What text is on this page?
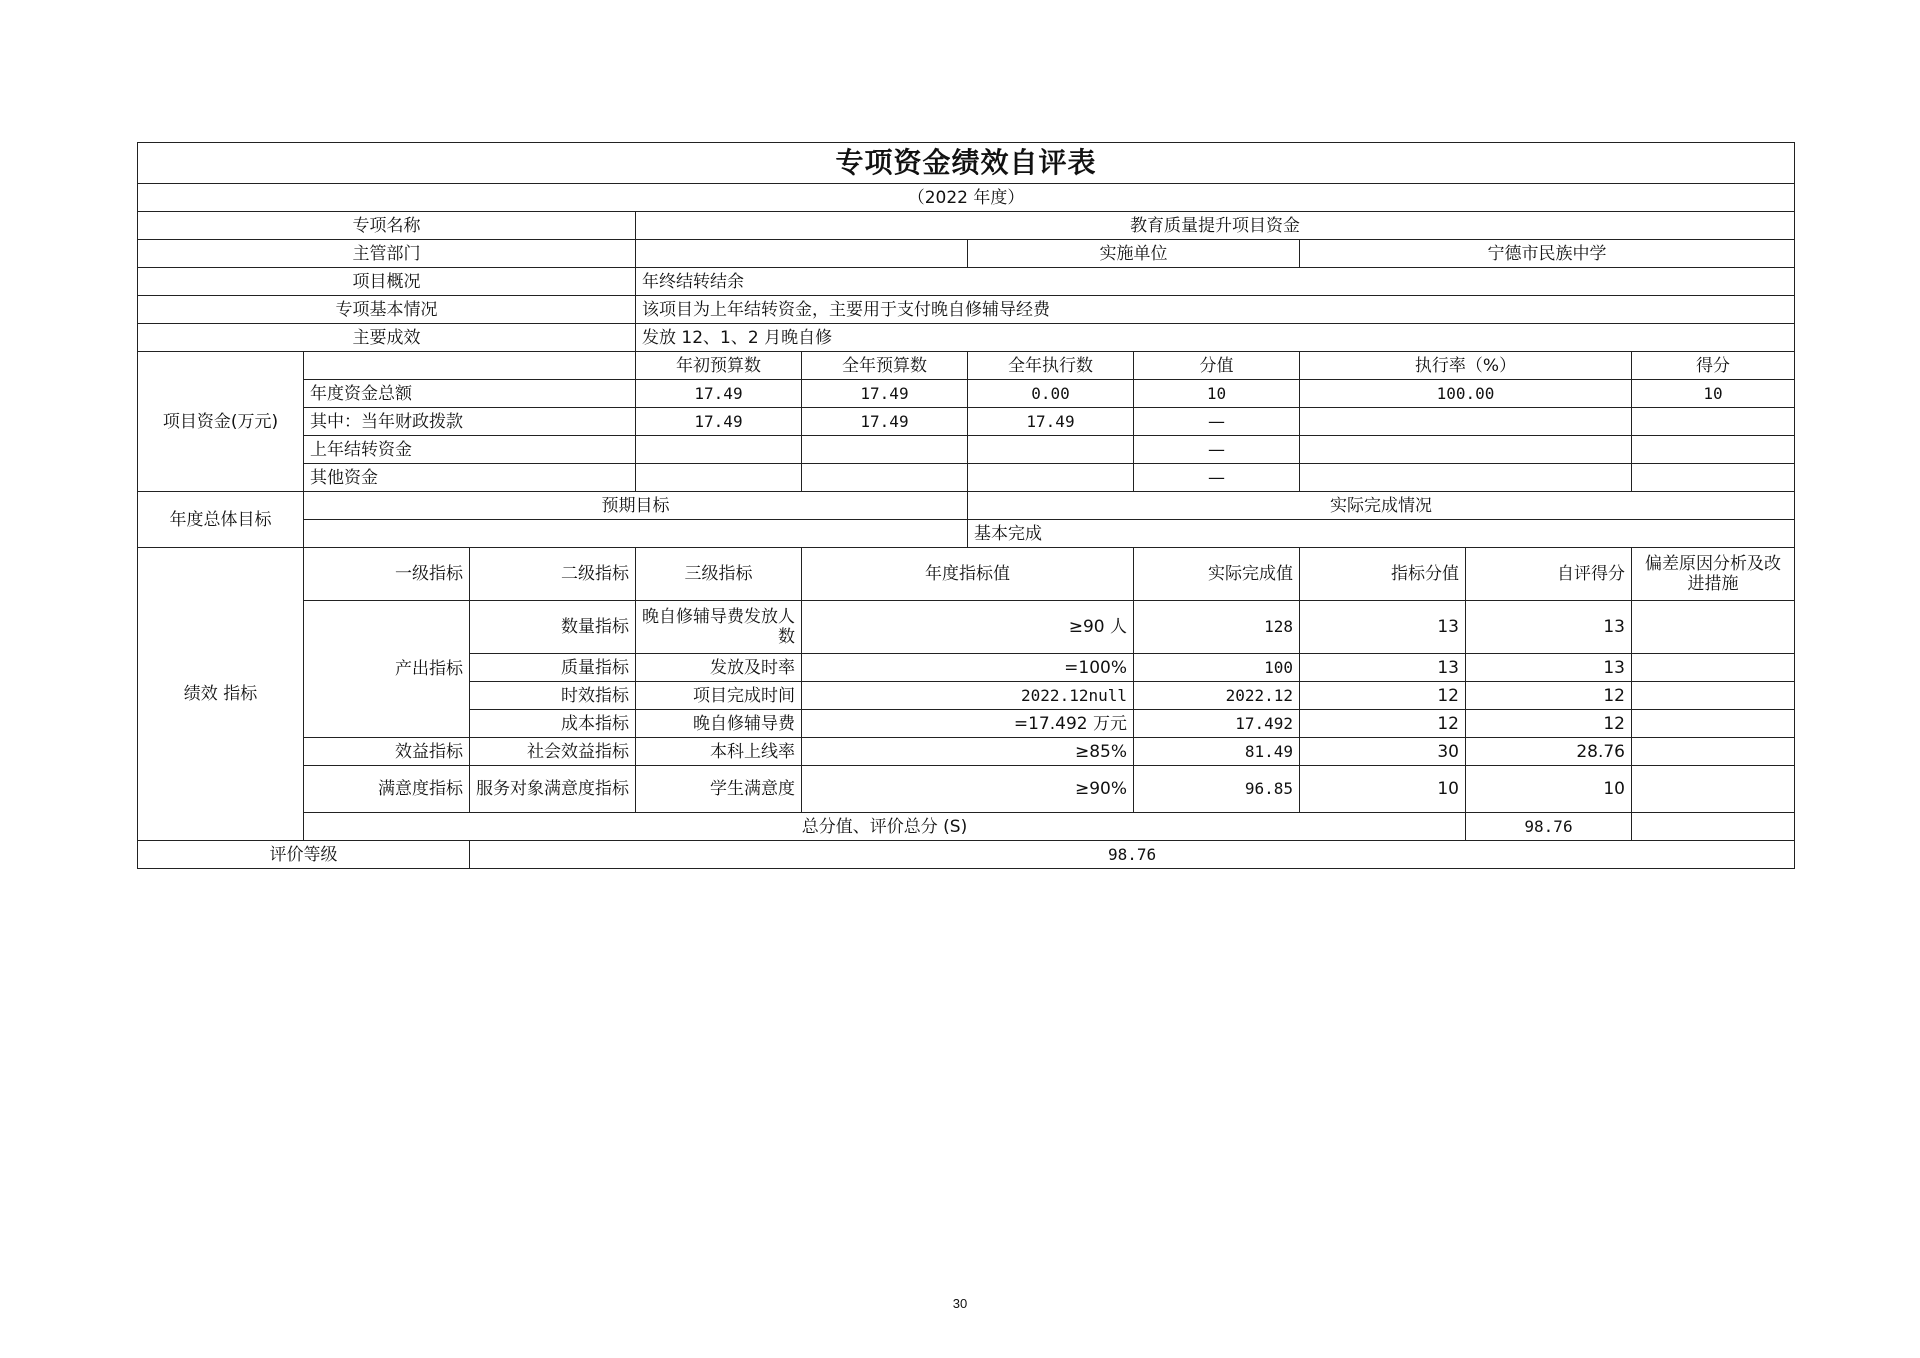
专项资金绩效自评表									
（2022 年度）									
专项名称			教育质量提升项目资金						
主管部门					实施单位		宁德市民族中学		
项目概况			年终结转结余						
专项基本情况			该项目为上年结转资金，主要用于支付晚自修辅导经费						
主要成效			发放 12、1、2 月晚自修						
项目资金(万元)			年初预算数	全年预算数	全年执行数	分值	执行率（%）		得分
	年度资金总额		17.49	17.49	0.00	10	100.00		10
	其中：当年财政拨款		17.49	17.49	17.49	—			
	上年结转资金					—			
	其他资金					—			
年度总体目标	预期目标				实际完成情况				
					基本完成				
绩效 指标	一级指标	二级指标	三级指标	年度指标值		实际完成值	指标分值	自评得分	偏差原因分析及改进措施
	产出指标	数量指标	晚自修辅导费发放人数	≥90 人		128	13	13	
		质量指标	发放及时率	=100%		100	13	13	
		时效指标	项目完成时间	2022.12null		2022.12	12	12	
		成本指标	晚自修辅导费	=17.492 万元		17.492	12	12	
	效益指标	社会效益指标	本科上线率	≥85%		81.49	30	28.76	
	满意度指标	服务对象满意度指标	学生满意度	≥90%		96.85	10	10	
	总分值、评价总分 (S)							98.76	
评价等级		98.76							
30
